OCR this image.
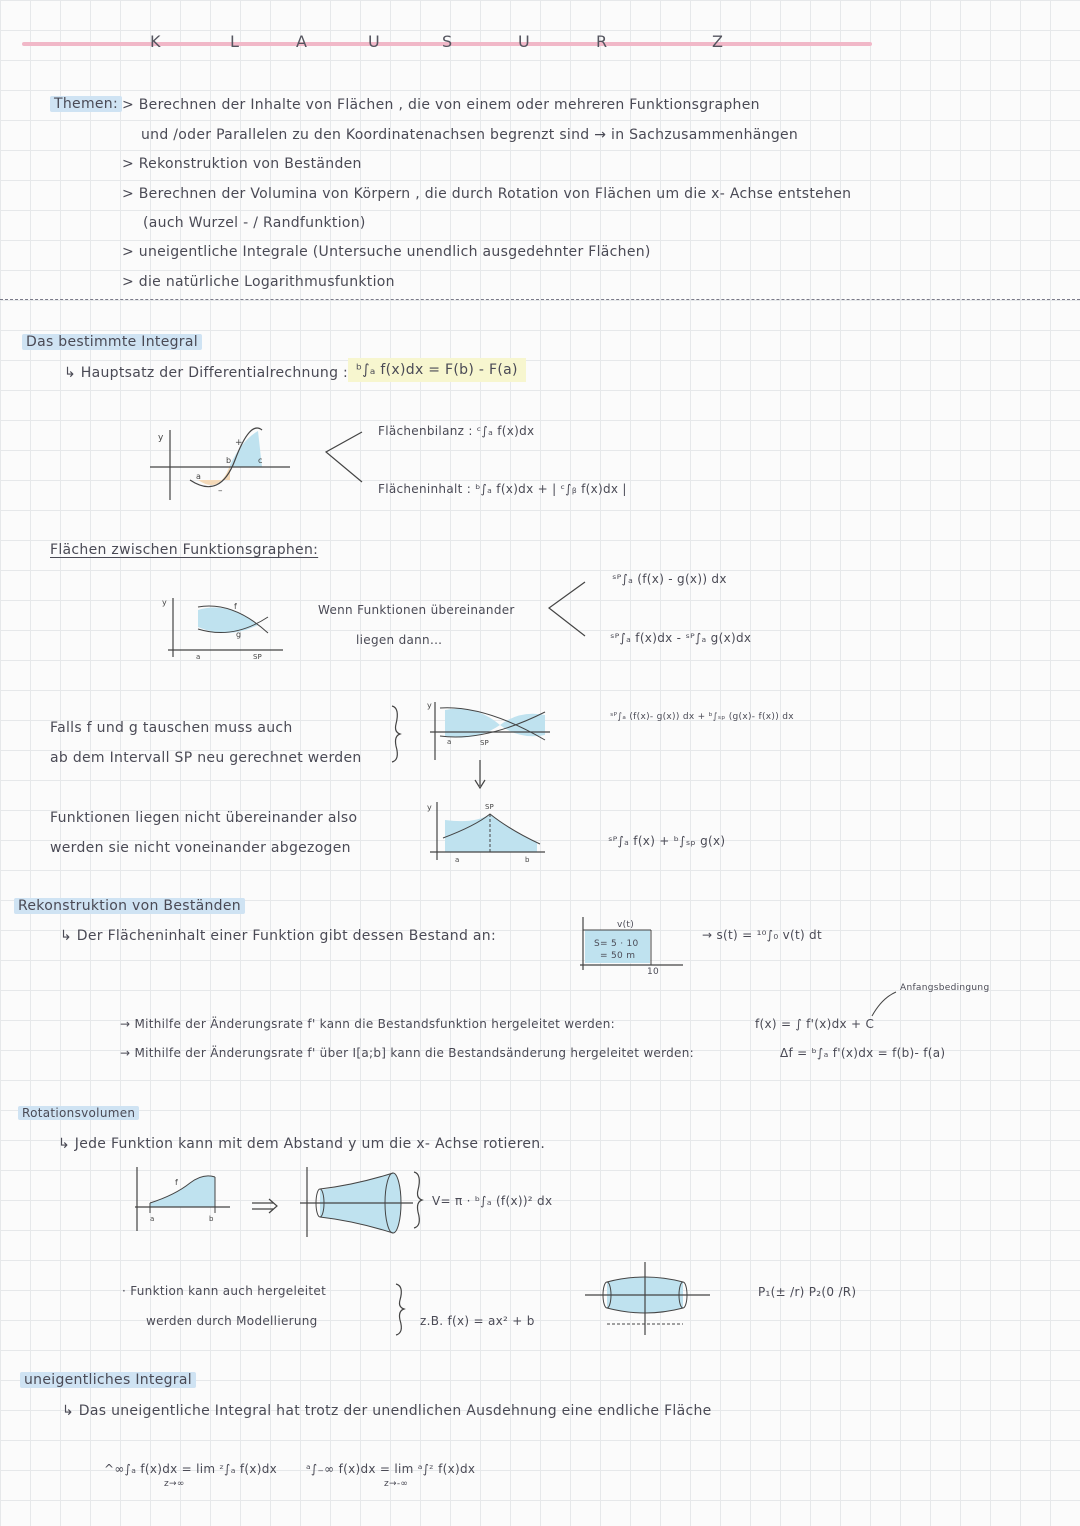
K	L	A	U	S	U	R	Z
Themen: > Berechnen der Inhalte von Flächen , die von einem oder mehreren Funktionsgraphen
und /oder Parallelen zu den Koordinatenachsen begrenzt sind → in Sachzusammenhängen
> Rekonstruktion von Beständen
> Berechnen der Volumina von Körpern , die durch Rotation von Flächen um die x- Achse entstehen
(auch Wurzel - / Randfunktion)
> uneigentliche Integrale (Untersuche unendlich ausgedehnter Flächen)
> die natürliche Logarithmusfunktion
Das bestimmte Integral
↳ Hauptsatz der Differentialrechnung : ᵇ∫ₐ f(x)dx = F(b) - F(a)
y
a
b	c
+
–
Flächenbilanz : ᶜ∫ₐ f(x)dx
Flächeninhalt : ᵇ∫ₐ f(x)dx + | ᶜ∫ᵦ f(x)dx |
Flächen zwischen Funktionsgraphen:
y
a	SP
f
g
Wenn Funktionen übereinander
liegen dann...
ˢᴾ∫ₐ (f(x) - g(x)) dx
ˢᴾ∫ₐ f(x)dx - ˢᴾ∫ₐ g(x)dx
Falls f und g tauschen muss auch
ab dem Intervall SP neu gerechnet werden
y
a	SP
ˢᴾ∫ₐ (f(x)- g(x)) dx + ᵇ∫ₛₚ (g(x)- f(x)) dx
Funktionen liegen nicht übereinander also
werden sie nicht voneinander abgezogen
y	SP
a	b
ˢᴾ∫ₐ f(x) + ᵇ∫ₛₚ g(x)
Rekonstruktion von Beständen
↳ Der Flächeninhalt einer Funktion gibt dessen Bestand an:
v(t)
S= 5 · 10
= 50 m
10
→ s(t) = ¹⁰∫₀ v(t) dt
Anfangsbedingung
→ Mithilfe der Änderungsrate f' kann die Bestandsfunktion hergeleitet werden:	f(x) = ∫ f'(x)dx + C
→ Mithilfe der Änderungsrate f' über I[a;b] kann die Bestandsänderung hergeleitet werden:	Δf = ᵇ∫ₐ f'(x)dx = f(b)- f(a)
Rotationsvolumen
↳ Jede Funktion kann mit dem Abstand y um die x- Achse rotieren.
f
a	b
V= π · ᵇ∫ₐ (f(x))² dx
· Funktion kann auch hergeleitet
werden durch Modellierung	z.B. f(x) = ax² + b
P₁(± /r) P₂(0 /R)
uneigentliches Integral
↳ Das uneigentliche Integral hat trotz der unendlichen Ausdehnung eine endliche Fläche
^∞∫ₐ f(x)dx = lim ᶻ∫ₐ f(x)dx
z→∞
ᵃ∫₋∞ f(x)dx = lim ᵃ∫ᶻ f(x)dx
z→-∞
